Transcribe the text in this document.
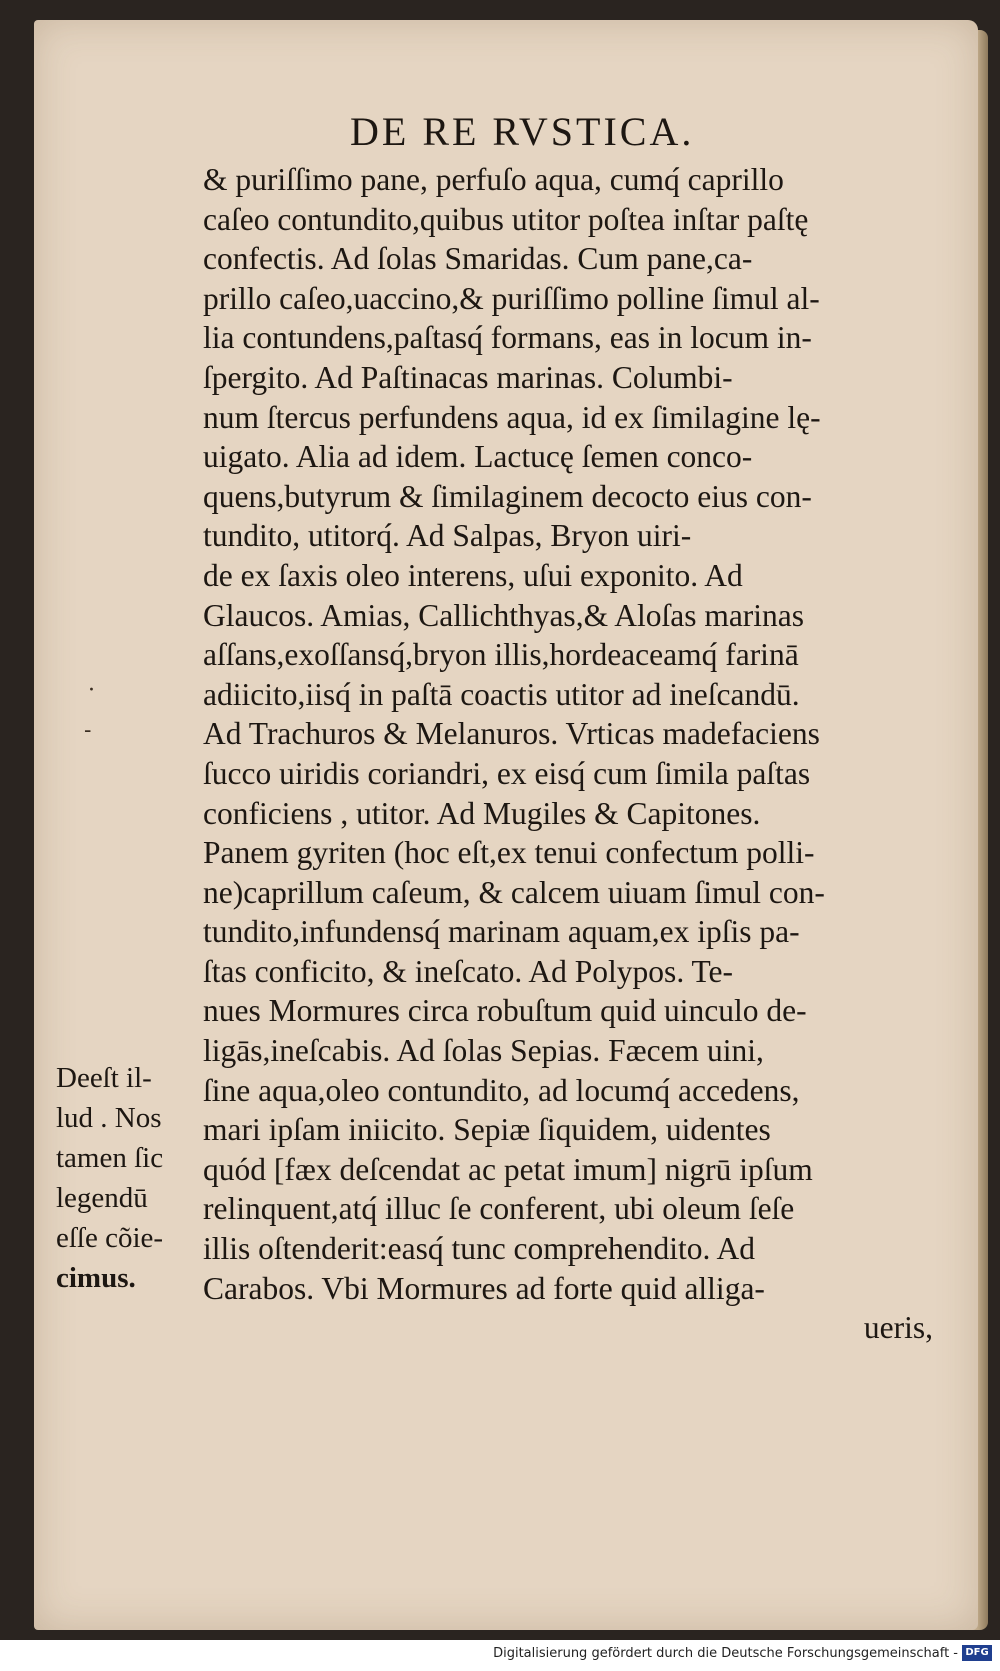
DE RE RVSTICA.
& puriſſimo pane, perfuſo aqua, cumq́ caprillo
caſeo contundito,quibus utitor poſtea inſtar paſtę
confectis. Ad ſolas Smaridas. Cum pane,ca-
prillo caſeo,uaccino,& puriſſimo polline ſimul al-
lia contundens,paſtasq́ formans, eas in locum in-
ſpergito. Ad Paſtinacas marinas. Columbi-
num ſtercus perfundens aqua, id ex ſimilagine lę-
uigato. Alia ad idem. Lactucę ſemen conco-
quens,butyrum & ſimilaginem decocto eius con-
tundito, utitorq́. Ad Salpas, Bryon uiri-
de ex ſaxis oleo interens, uſui exponito. Ad
Glaucos. Amias, Callichthyas,& Aloſas marinas
aſſans,exoſſansq́,bryon illis,hordeaceamq́ farinā
adiicito,iisq́ in paſtā coactis utitor ad ineſcandū.
Ad Trachuros & Melanuros. Vrticas madefaciens
ſucco uiridis coriandri, ex eisq́ cum ſimila paſtas
conficiens , utitor. Ad Mugiles & Capitones.
Panem gyriten (hoc eſt,ex tenui confectum polli-
ne)caprillum caſeum, & calcem uiuam ſimul con-
tundito,infundensq́ marinam aquam,ex ipſis pa-
ſtas conficito, & ineſcato. Ad Polypos. Te-
nues Mormures circa robuſtum quid uinculo de-
ligās,ineſcabis. Ad ſolas Sepias. Fæcem uini,
ſine aqua,oleo contundito, ad locumq́ accedens,
mari ipſam iniicito. Sepiæ ſiquidem, uidentes
quód [fæx deſcendat ac petat imum] nigrū ipſum
relinquent,atq́ illuc ſe conferent, ubi oleum ſeſe
illis oſtenderit:easq́ tunc comprehendito. Ad
Carabos. Vbi Mormures ad forte quid alliga-
ueris,
·
-
Deeſt il-
lud . Nos
tamen ſic
legendū
eſſe cõie-
cimus.
Digitalisierung gefördert durch die Deutsche Forschungsgemeinschaft - DFG
